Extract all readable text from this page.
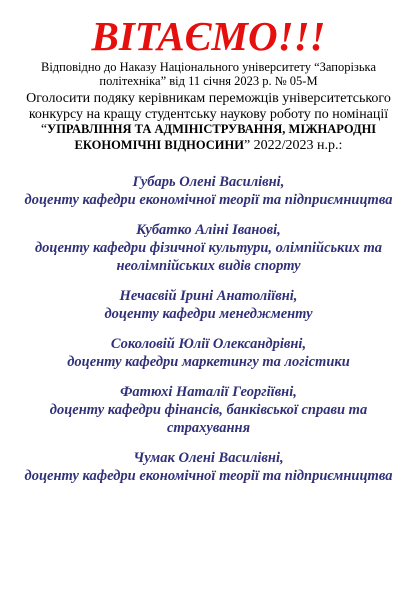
ВІТАЄМО!!!

Відповідно до Наказу Національного університету “Запорізька політехніка” від 11 січня 2023 р. № 05-М

Оголосити подяку керівникам переможців університетського конкурсу на кращу студентську наукову роботу по номінації “УПРАВЛІННЯ ТА АДМІНІСТРУВАННЯ, МІЖНАРОДНІ ЕКОНОМІЧНІ ВІДНОСИНИ” 2022/2023 н.р.:

Губарь Олені Василівні,
доценту кафедри економічної теорії та підприємництва
Кубатко Аліні Іванові,
доценту кафедри фізичної культури, олімпійських та неолімпійських видів спорту
Нечаєвій Ірині Анатоліївні,
доценту кафедри менеджменту
Соколовій Юлії Олександрівні,
доценту кафедри маркетингу та логістики
Фатюхі Наталії Георгіївні,
доценту кафедри фінансів, банківської справи та страхування
Чумак Олені Василівні,
доценту кафедри економічної теорії та підприємництва
